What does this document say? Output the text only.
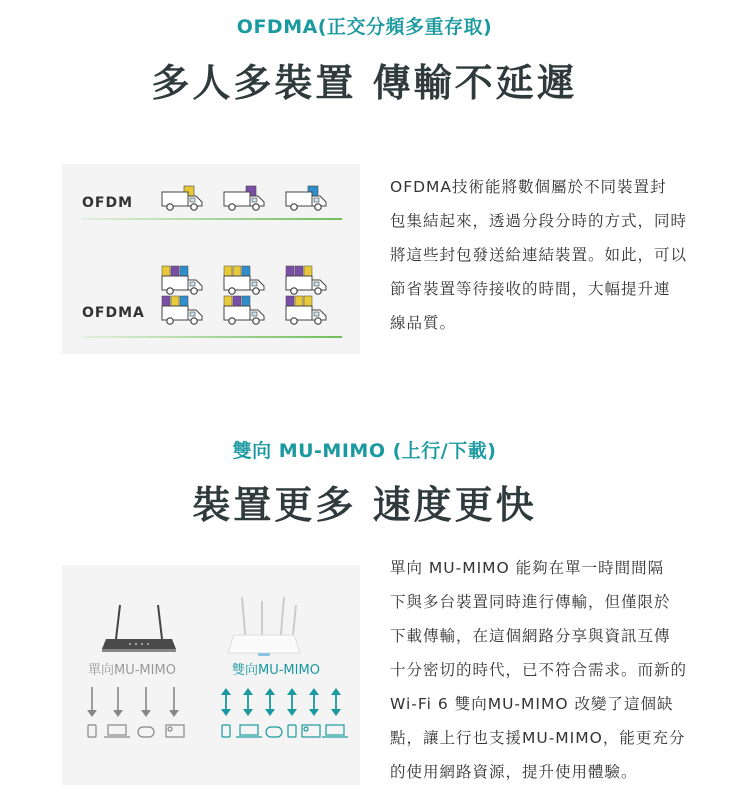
OFDMA(正交分頻多重存取)
多人多裝置 傳輸不延遲
OFDM
OFDMA
OFDMA技術能將數個屬於不同裝置封
包集結起來，透過分段分時的方式，同時
將這些封包發送給連結裝置。如此，可以
節省裝置等待接收的時間，大幅提升連
線品質。
雙向 MU-MIMO (上行/下載)
裝置更多 速度更快
單向MU-MIMO	雙向MU-MIMO
單向 MU-MIMO 能夠在單一時間間隔
下與多台裝置同時進行傳輸，但僅限於
下載傳輸，在這個網路分享與資訊互傳
十分密切的時代，已不符合需求。而新的
Wi-Fi 6 雙向MU-MIMO 改變了這個缺
點，讓上行也支援MU-MIMO，能更充分
的使用網路資源，提升使用體驗。
